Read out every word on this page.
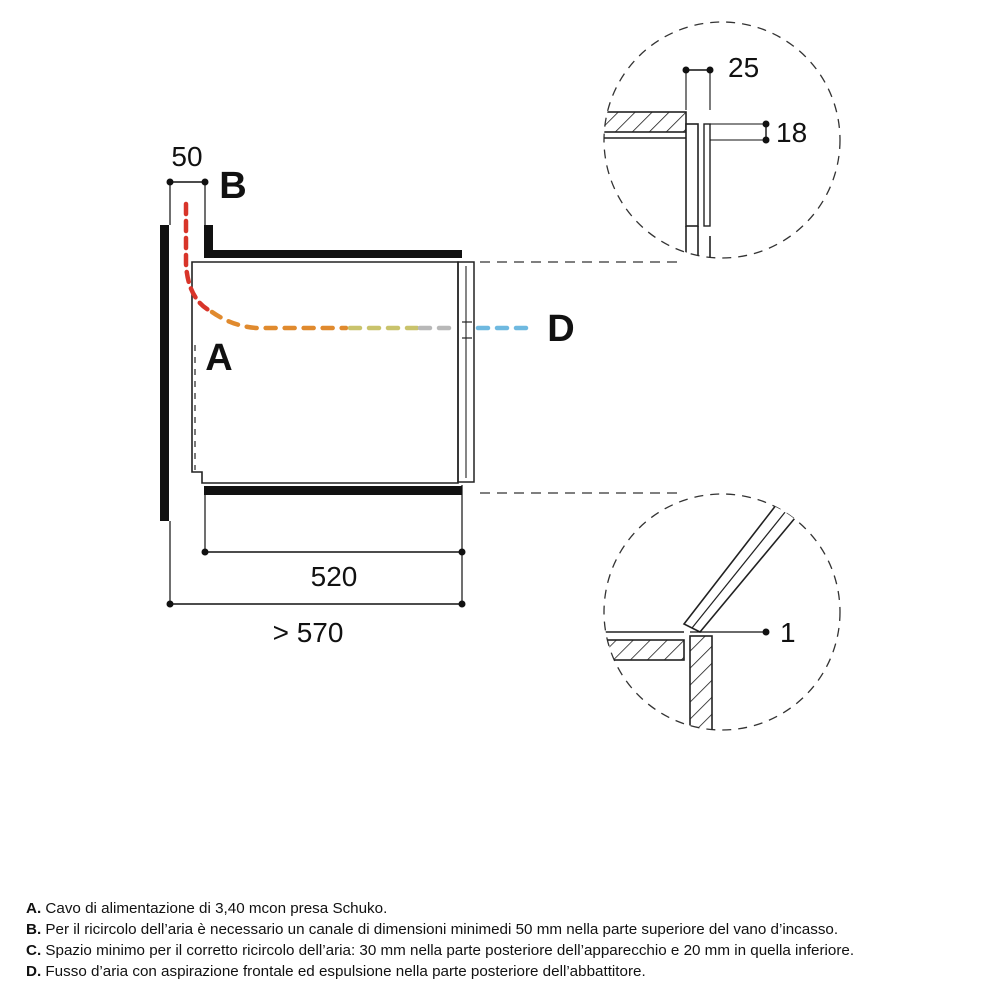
50
520
> 570
A
B
D
25
18
1
A. Cavo di alimentazione di 3,40 mcon presa Schuko.
B. Per il ricircolo dell’aria è necessario un canale di dimensioni minimedi 50 mm nella parte superiore del vano d’incasso.
C. Spazio minimo per il corretto ricircolo dell’aria: 30 mm nella parte posteriore dell’apparecchio e 20 mm in quella inferiore.
D. Fusso d’aria con aspirazione frontale ed espulsione nella parte posteriore dell’abbattitore.
